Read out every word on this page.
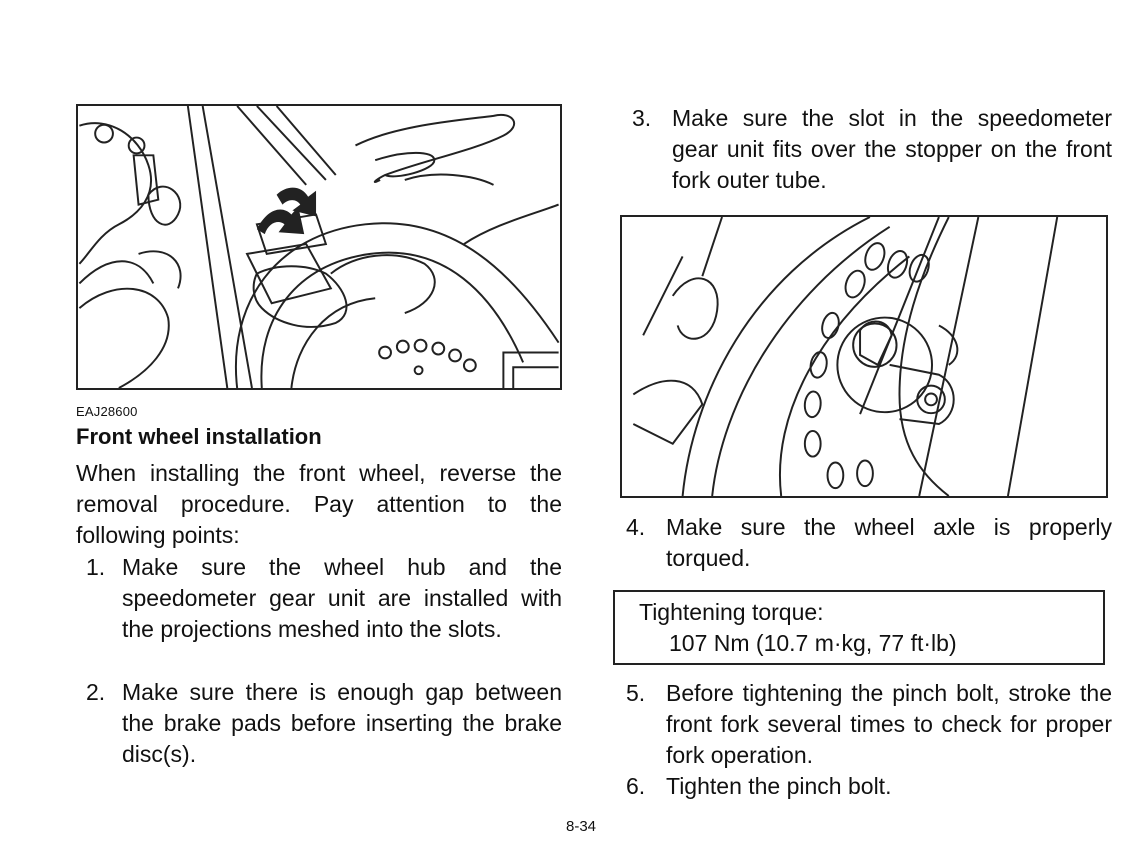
EAJ28600
Front wheel installation
When installing the front wheel, reverse the removal procedure. Pay attention to the following points:
1. Make sure the wheel hub and the speedometer gear unit are installed with the projections meshed into the slots.
2. Make sure there is enough gap between the brake pads before inserting the brake disc(s).
3. Make sure the slot in the speedometer gear unit fits over the stopper on the front fork outer tube.
4. Make sure the wheel axle is properly torqued.
Tightening torque:
107 Nm (10.7 m·kg, 77 ft·lb)
5. Before tightening the pinch bolt, stroke the front fork several times to check for proper fork operation.
6. Tighten the pinch bolt.
8-34
